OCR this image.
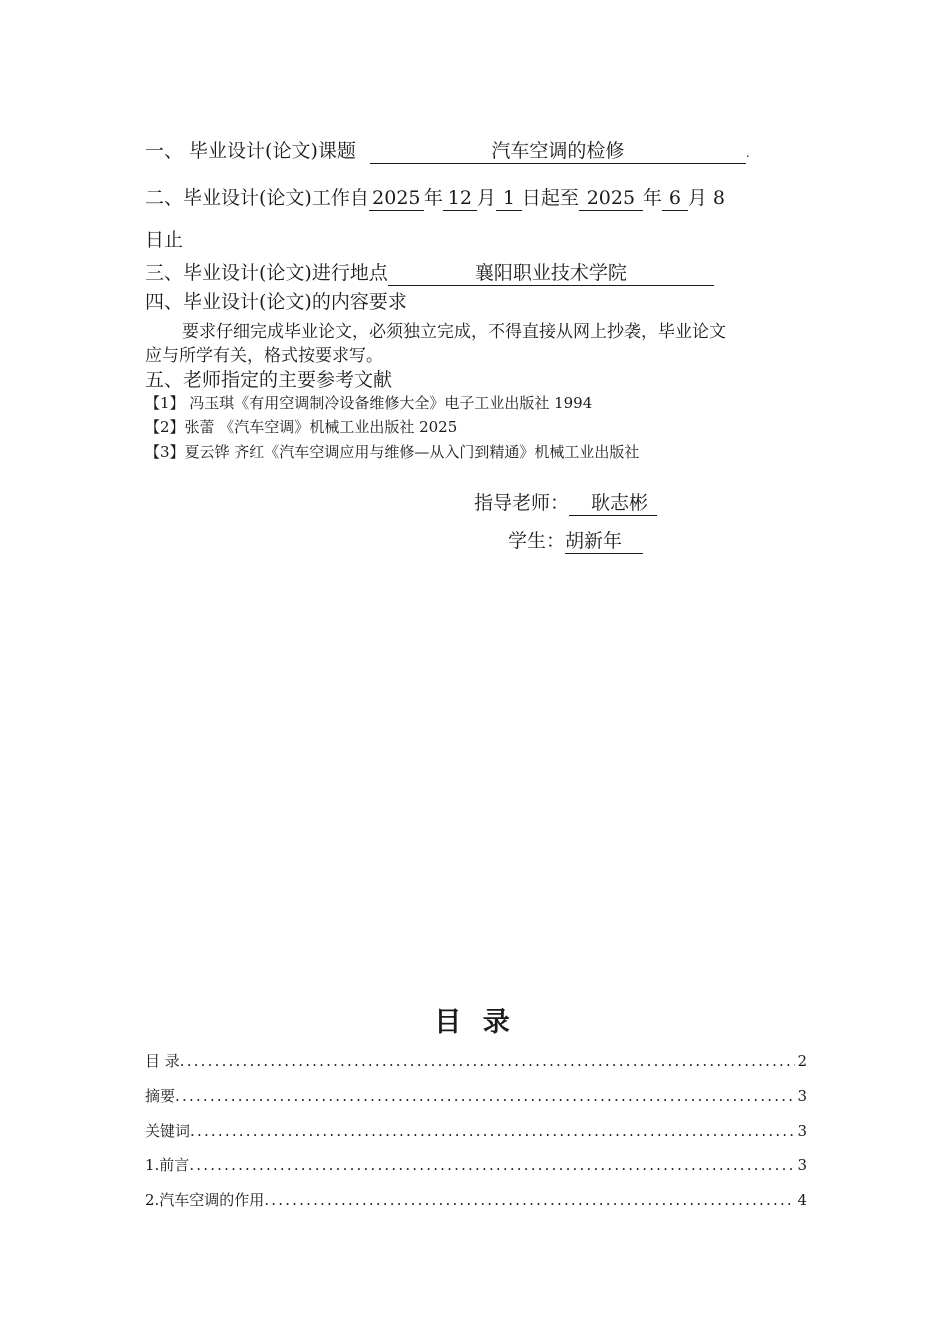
一、 毕业设计(论文)课题	汽车空调的检修	.
二、毕业设计(论文)工作自 2025 年 12 月 1 日起至 2025 年 6 月 8
日止
三、毕业设计(论文)进行地点	襄阳职业技术学院
四、毕业设计(论文)的内容要求
要求仔细完成毕业论文，必须独立完成，不得直接从网上抄袭，毕业论文
应与所学有关，格式按要求写。
五、老师指定的主要参考文献
【1】 冯玉琪《有用空调制冷设备维修大全》电子工业出版社 1994
【2】张蕾 《汽车空调》机械工业出版社 2025
【3】夏云铧 齐红《汽车空调应用与维修—从入门到精通》机械工业出版社
指导老师： 耿志彬
学生：胡新年
目 录
目 录 .....	2
摘要 .....	3
关键词 .....	3
1.前言 .....	3
2.汽车空调的作用 .....	4
